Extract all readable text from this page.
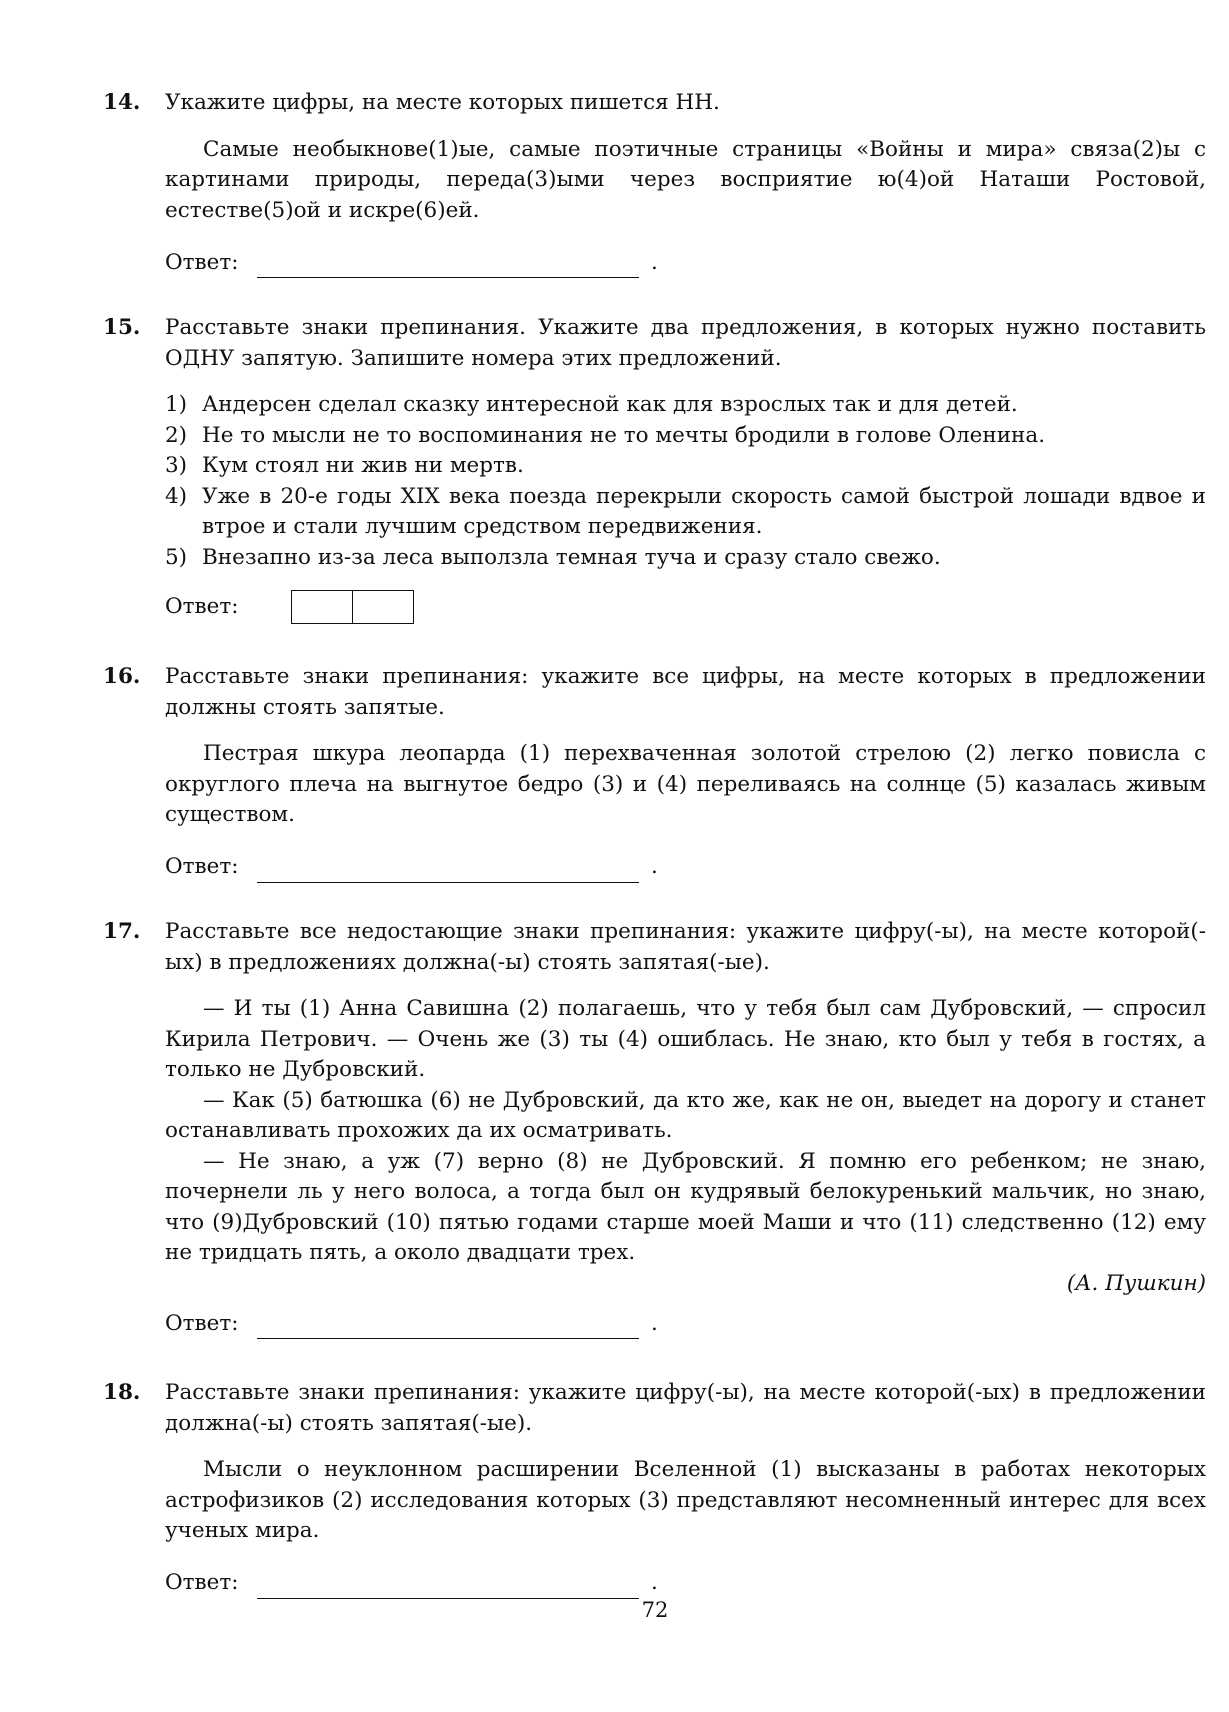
14. Укажите цифры, на месте которых пишется НН.

Самые необыкнове(1)ые, самые поэтичные страницы «Войны и мира» связа(2)ы с картинами природы, переда(3)ыми через восприятие ю(4)ой Наташи Ростовой, естестве(5)ой и искре(6)ей.

Ответ:	.
15. Расставьте знаки препинания. Укажите два предложения, в которых нужно поставить ОДНУ запятую. Запишите номера этих предложений.
1) Андерсен сделал сказку интересной как для взрослых так и для детей.
2) Не то мысли не то воспоминания не то мечты бродили в голове Оленина.
3) Кум стоял ни жив ни мертв.
4) Уже в 20-е годы XIX века поезда перекрыли скорость самой быстрой лошади вдвое и втрое и стали лучшим средством передвижения.
5) Внезапно из-за леса выползла темная туча и сразу стало свежо.
Ответ:
16. Расставьте знаки препинания: укажите все цифры, на месте которых в предложении должны стоять запятые.

Пестрая шкура леопарда (1) перехваченная золотой стрелою (2) легко повисла с округлого плеча на выгнутое бедро (3) и (4) переливаясь на солнце (5) казалась живым существом.

Ответ:	.
17. Расставьте все недостающие знаки препинания: укажите цифру(-ы), на месте которой(-ых) в предложениях должна(-ы) стоять запятая(-ые).

— И ты (1) Анна Савишна (2) полагаешь, что у тебя был сам Дубровский, — спросил Кирила Петрович. — Очень же (3) ты (4) ошиблась. Не знаю, кто был у тебя в гостях, а только не Дубровский.

— Как (5) батюшка (6) не Дубровский, да кто же, как не он, выедет на дорогу и станет останавливать прохожих да их осматривать.

— Не знаю, а уж (7) верно (8) не Дубровский. Я помню его ребенком; не знаю, почернели ль у него волоса, а тогда был он кудрявый белокуренький мальчик, но знаю, что (9)Дубровский (10) пятью годами старше моей Маши и что (11) следственно (12) ему не тридцать пять, а около двадцати трех.

(А. Пушкин)
Ответ:	.
18. Расставьте знаки препинания: укажите цифру(-ы), на месте которой(-ых) в предложении должна(-ы) стоять запятая(-ые).

Мысли о неуклонном расширении Вселенной (1) высказаны в работах некоторых астрофизиков (2) исследования которых (3) представляют несомненный интерес для всех ученых мира.

Ответ:	.
72
